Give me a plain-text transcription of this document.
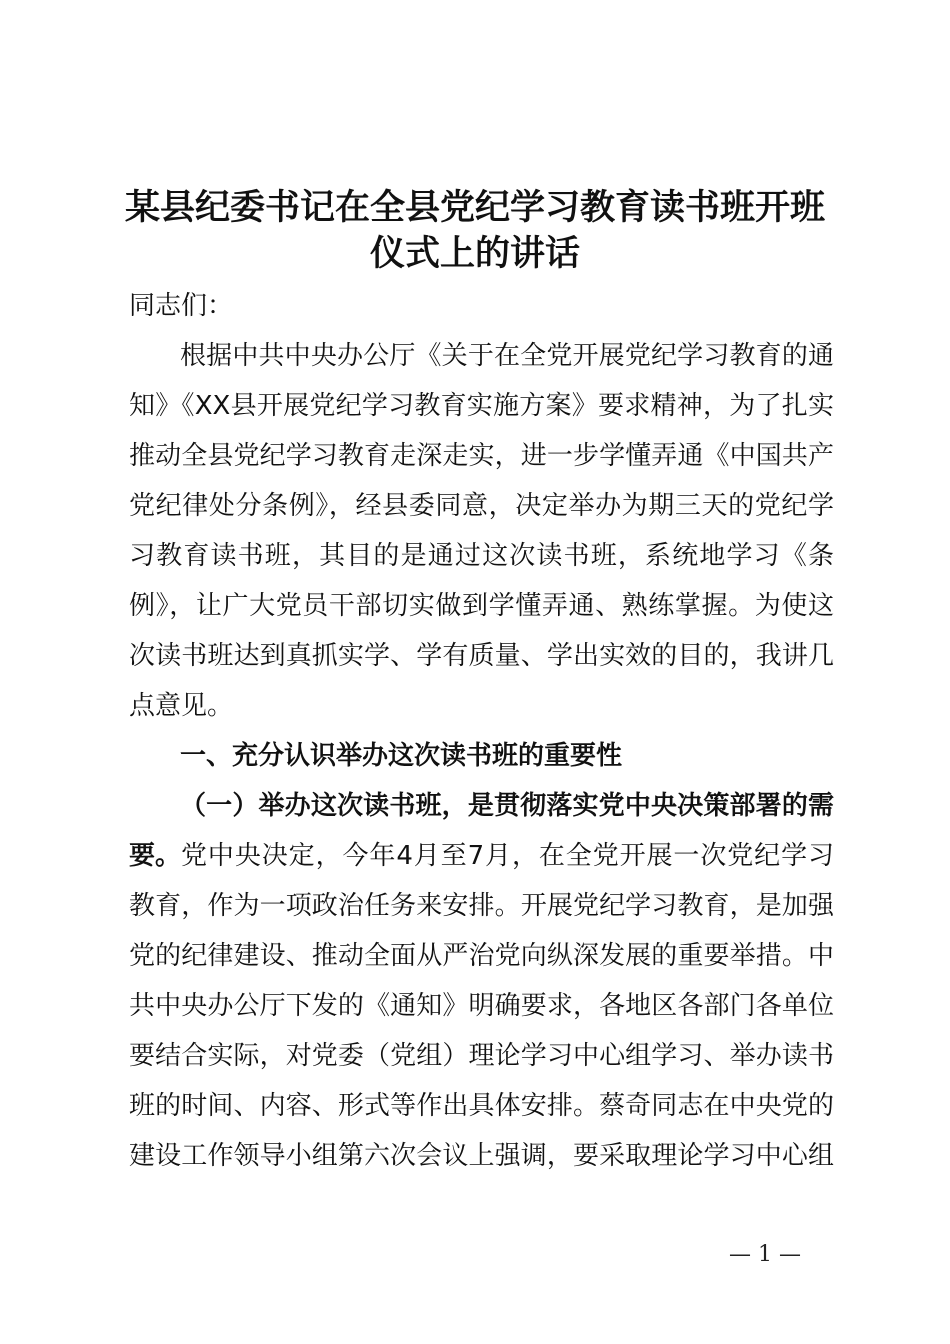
某县纪委书记在全县党纪学习教育读书班开班
仪式上的讲话
同志们：
根据中共中央办公厅《关于在全党开展党纪学习教育的通
知》《XX县开展党纪学习教育实施方案》要求精神，为了扎实
推动全县党纪学习教育走深走实，进一步学懂弄通《中国共产
党纪律处分条例》，经县委同意，决定举办为期三天的党纪学
习教育读书班，其目的是通过这次读书班，系统地学习《条
例》，让广大党员干部切实做到学懂弄通、熟练掌握。为使这
次读书班达到真抓实学、学有质量、学出实效的目的，我讲几
点意见。
一、充分认识举办这次读书班的重要性
（一）举办这次读书班，是贯彻落实党中央决策部署的需
要。 党中央决定，今年4月至7月，在全党开展一次党纪学习
教育，作为一项政治任务来安排。开展党纪学习教育，是加强
党的纪律建设、推动全面从严治党向纵深发展的重要举措。中
共中央办公厅下发的《通知》明确要求，各地区各部门各单位
要结合实际，对党委（党组）理论学习中心组学习、举办读书
班的时间、内容、形式等作出具体安排。蔡奇同志在中央党的
建设工作领导小组第六次会议上强调，要采取理论学习中心组
— 1 —
